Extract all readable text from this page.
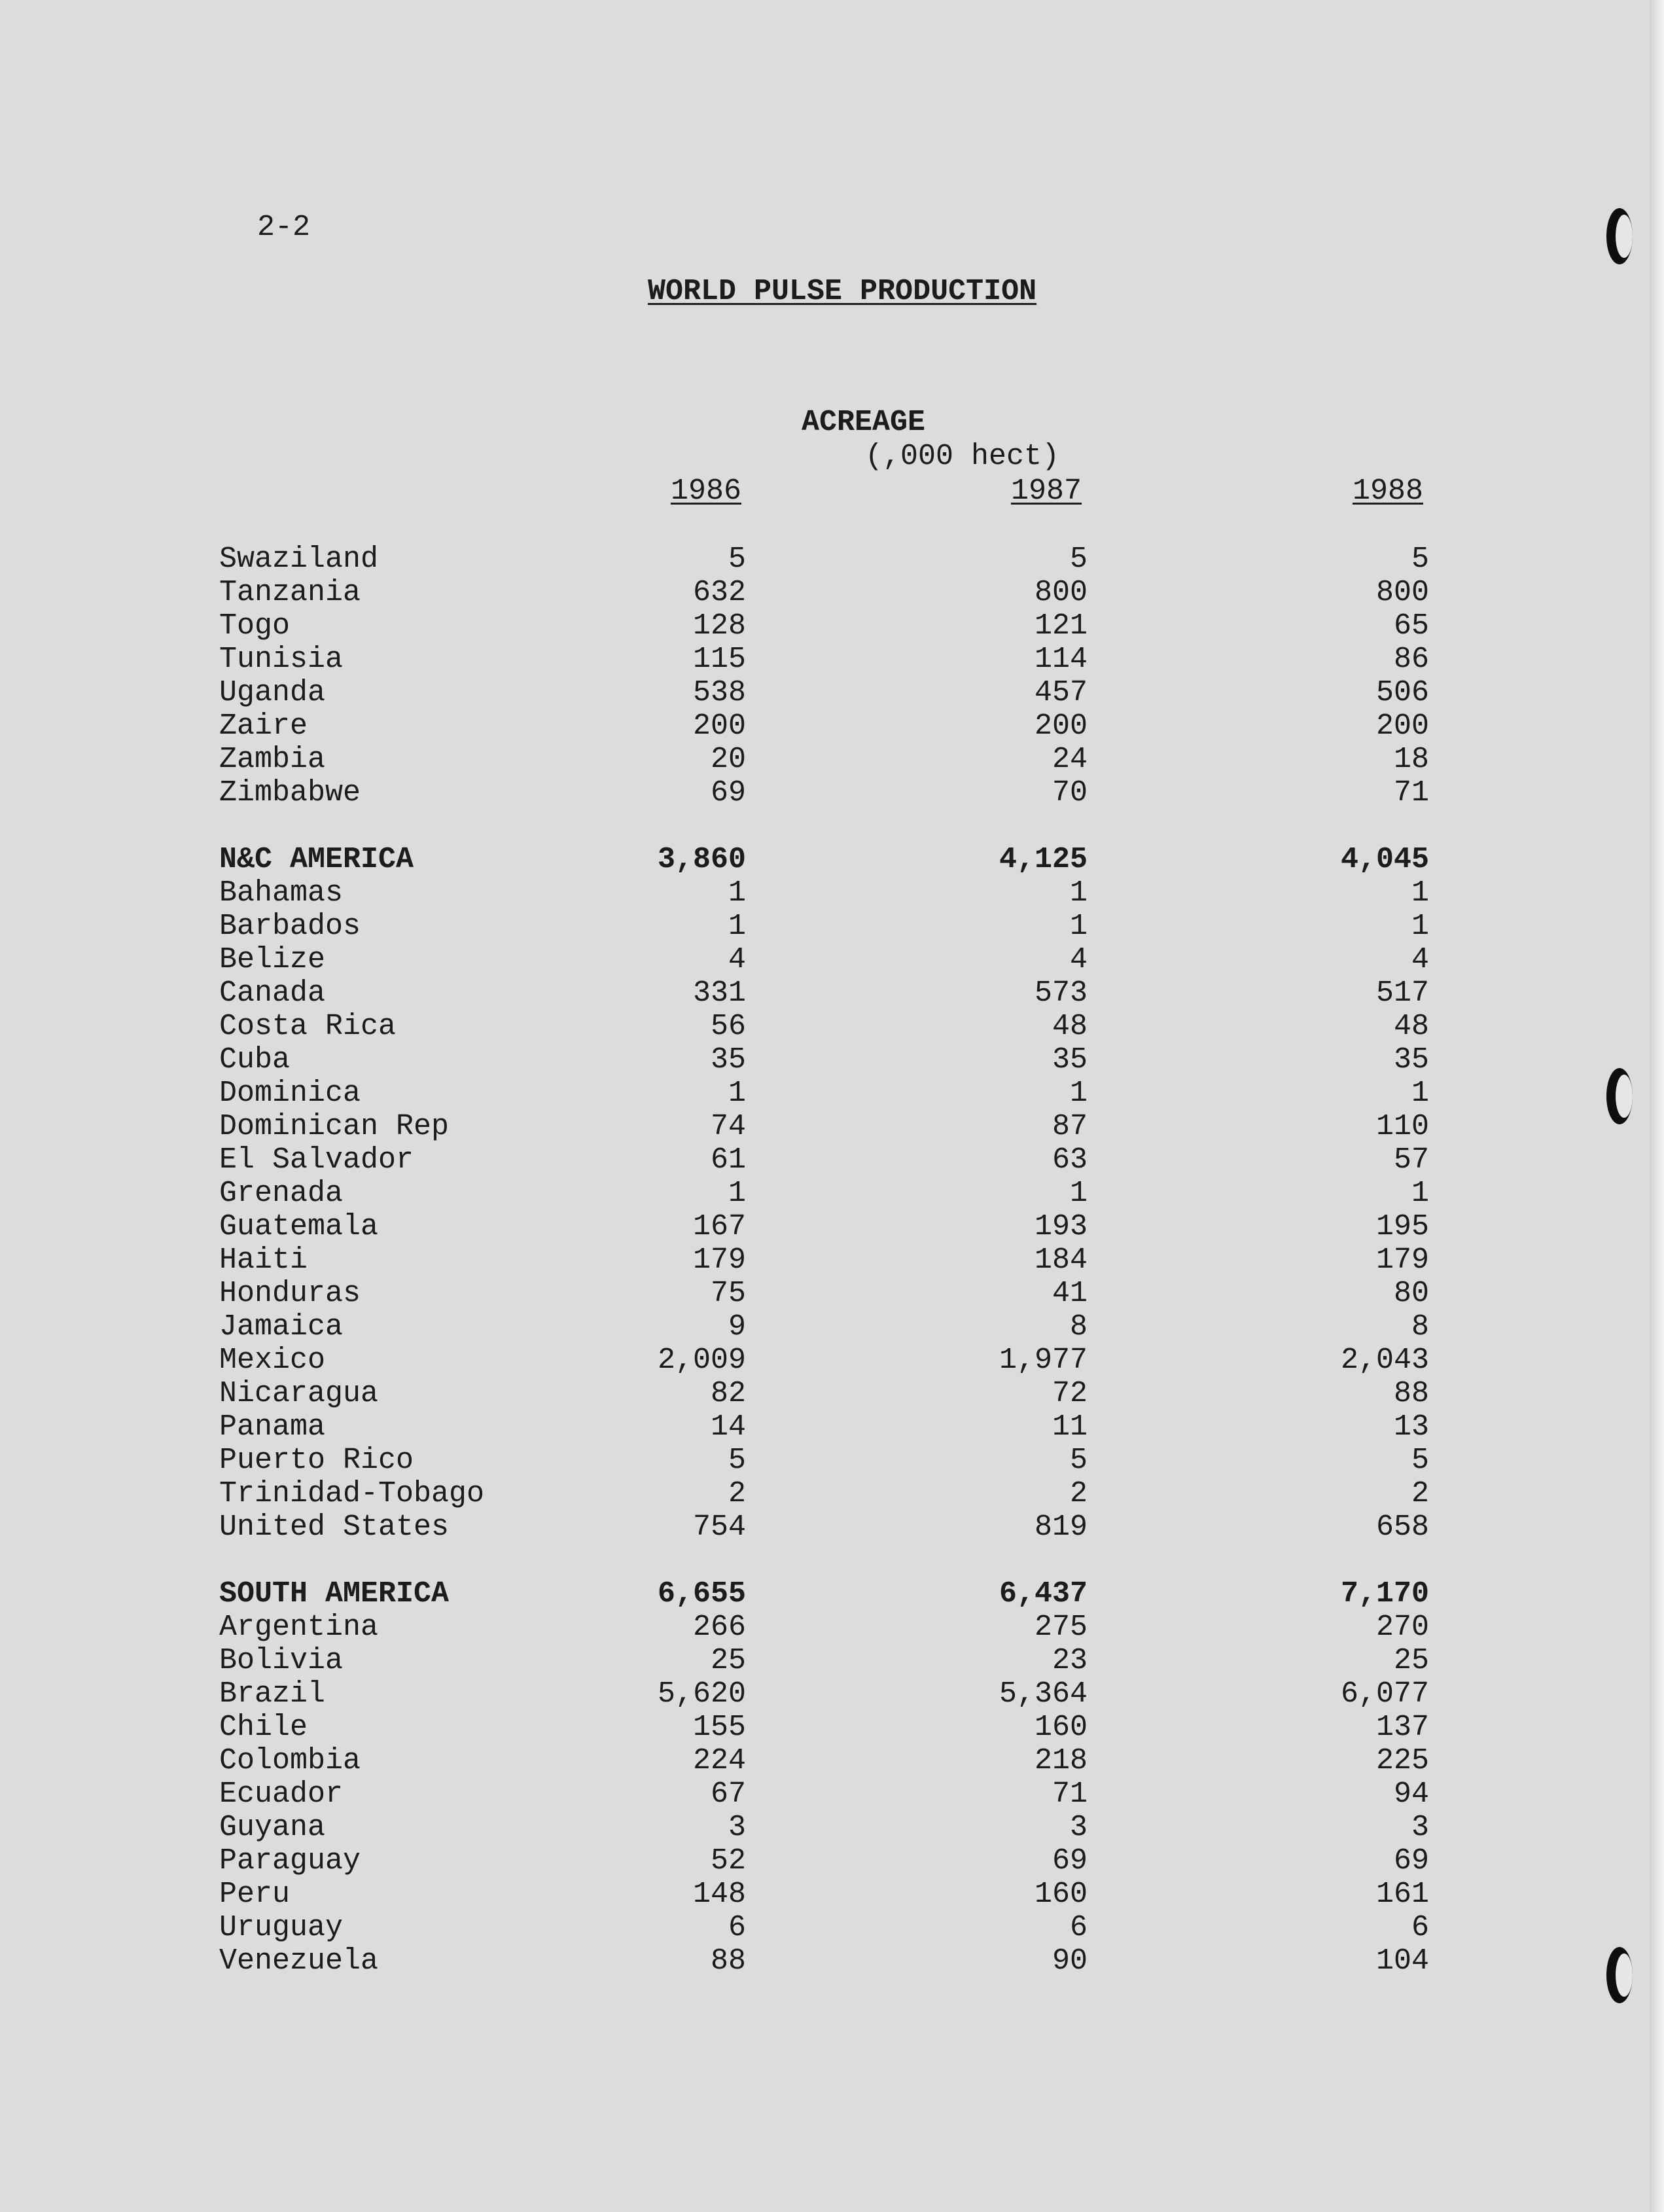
2-2
WORLD PULSE PRODUCTION
ACREAGE
(,000 hect)
1986	1987	1988
Swaziland	5	5	5
Tanzania	632	800	800
Togo	128	121	65
Tunisia	115	114	86
Uganda	538	457	506
Zaire	200	200	200
Zambia	20	24	18
Zimbabwe	69	70	71
N&C AMERICA	3,860	4,125	4,045
Bahamas	1	1	1
Barbados	1	1	1
Belize	4	4	4
Canada	331	573	517
Costa Rica	56	48	48
Cuba	35	35	35
Dominica	1	1	1
Dominican Rep	74	87	110
El Salvador	61	63	57
Grenada	1	1	1
Guatemala	167	193	195
Haiti	179	184	179
Honduras	75	41	80
Jamaica	9	8	8
Mexico	2,009	1,977	2,043
Nicaragua	82	72	88
Panama	14	11	13
Puerto Rico	5	5	5
Trinidad-Tobago	2	2	2
United States	754	819	658
SOUTH AMERICA	6,655	6,437	7,170
Argentina	266	275	270
Bolivia	25	23	25
Brazil	5,620	5,364	6,077
Chile	155	160	137
Colombia	224	218	225
Ecuador	67	71	94
Guyana	3	3	3
Paraguay	52	69	69
Peru	148	160	161
Uruguay	6	6	6
Venezuela	88	90	104
